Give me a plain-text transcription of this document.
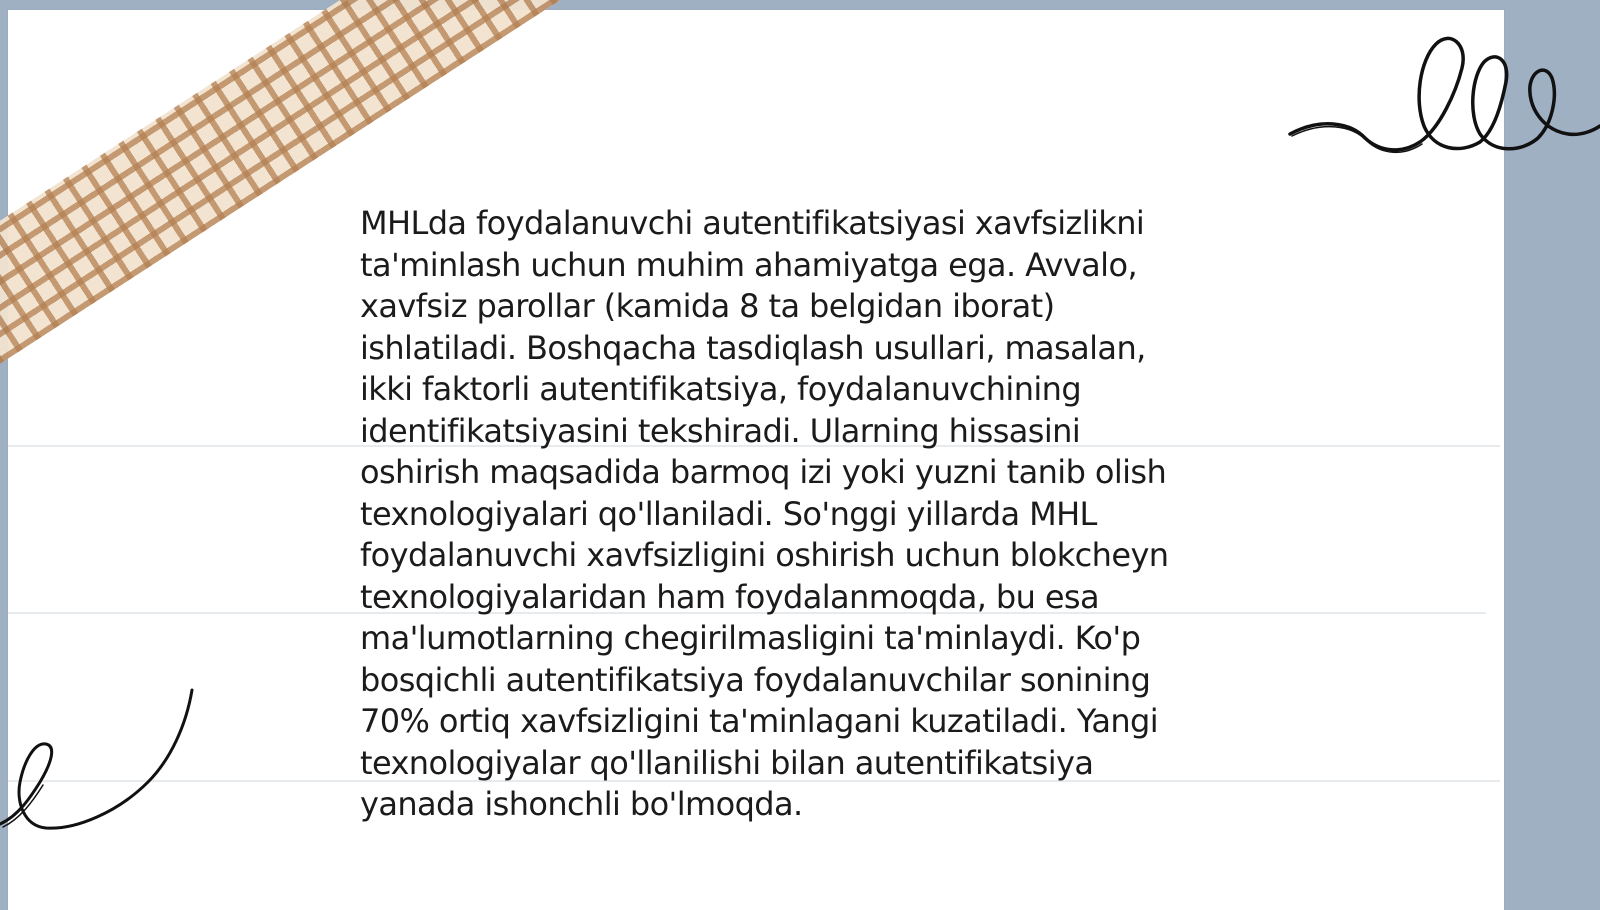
MHLda foydalanuvchi autentifikatsiyasi xavfsizlikni
ta'minlash uchun muhim ahamiyatga ega. Avvalo,
xavfsiz parollar (kamida 8 ta belgidan iborat)
ishlatiladi. Boshqacha tasdiqlash usullari, masalan,
ikki faktorli autentifikatsiya, foydalanuvchining
identifikatsiyasini tekshiradi. Ularning hissasini
oshirish maqsadida barmoq izi yoki yuzni tanib olish
texnologiyalari qo'llaniladi. So'nggi yillarda MHL
foydalanuvchi xavfsizligini oshirish uchun blokcheyn
texnologiyalaridan ham foydalanmoqda, bu esa
ma'lumotlarning chegirilmasligini ta'minlaydi. Ko'p
bosqichli autentifikatsiya foydalanuvchilar sonining
70% ortiq xavfsizligini ta'minlagani kuzatiladi. Yangi
texnologiyalar qo'llanilishi bilan autentifikatsiya
yanada ishonchli bo'lmoqda.
